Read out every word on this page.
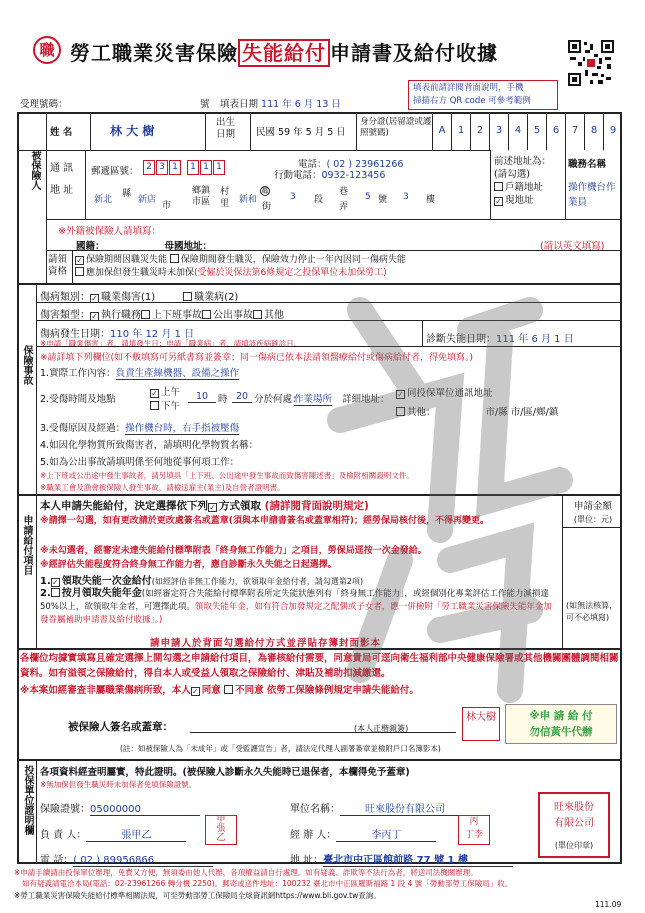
職 勞工職業災害保險 失能給付 申請書及給付收據
填表前請詳閱背面說明，手機
掃描右方 QR code 可參考範例
受理號碼：	號 填表日期 111 年 6 月 13 日
被保險人
姓 名	林 大 樹
出生日期	民國 59 年 5 月 5 日
身分證(居留證或護照號碼)	A	1	2	3	4	5	6	7	8	9
通 訊 地 址
郵遞區號： 2 3 1	1 1 1
新北
縣
新店
市
鄉鎮市區	新和
村里
鄰
街
3 段
巷 5
弄
號 3 樓
電話：( 02 ) 23961266
行動電話：0932-123456
前述地址為：
(請勾選)
戶籍地址
✓ 現地址
職務名稱
操作機台作業員
※外籍被保險人請填寫：
國籍：	母國地址：	(請以英文填寫)
請領資格
✓ 保險期間因職災失能 保險期間發生職災，保險效力停止一年內因同一傷病失能
應加保但發生職災時未加保(受僱於災保法第6條規定之投保單位未加保勞工)
保險事故
傷病類別：✓ 職業傷害(1)	職業病(2)
傷害類型：✓ 執行職務 上下班事故 公出事故 其他
傷病發生日期：110 年 12 月 1 日	診斷失能日期：111 年 6 月 1 日
※申請「職業傷害」者，請填發生日；申請「職業病」者，請填該疾病確診日。
※請詳填下列欄位(如不敷填寫可另紙書寫並簽章；同一傷病已依本法請領醫療給付或傷病給付者，得免填寫。)
1.實際工作內容：負責生產線機器、設備之操作
2.受傷時間及地點
✓ 上午
下午
10	時 20 分於何處：
作業場所 詳細地址： ✓ 同投保單位通訊地址
其他：	市/縣 市/區/鄉/鎮
3.受傷原因及經過：操作機台時，右手指被壓傷
4.如因化學物質所致傷害者，請填明化學物質名稱：
5.如為公出事故請填明係至何地從事何項工作：
※上下班或公出途中發生事故者，請另填具「上下班、公出途中發生事故而致傷害陳述書」及檢附相關證明文件。
※職業工會及漁會被保險人發生事故，請檢送雇主(業主)及自營者證明書。
申請給付項目
本人申請失能給付，決定選擇依下列✓ 方式領取 (請詳閱背面說明規定)	申請金額
(單位：元)
※請擇一勾選，如有更改請於更改處簽名或蓋章(須與本申請書簽名或蓋章相符)；經勞保局核付後，不得再變更。
※未勾選者，經審定未達失能給付標準附表「終身無工作能力」之項目，勞保局逕按一次金發給。
※經評估失能程度符合終身無工作能力者，應自診斷永久失能之日起選擇。
1.✓ 領取失能一次金給付(如經評估非無工作能力，欲領取年金給付者，請勾選第2項)
2. 按月領取失能年金(如經審定符合失能給付標準附表所定失能狀態列有「終身無工作能力」，或經個別化專業評估工作能力減損達 50%以上，欲領取年金者，可選擇此項。領取失能年金，如有符合加發規定之配偶或子女者，應一併檢附「勞工職業災害保險失能年金加發眷屬補助申請書及給付收據」。)
(如無法核算，可不必填寫)
請申請人於背面勾選給付方式並浮貼存簿封面影本
各欄位均據實填寫且確定選擇上開勾選之申請給付項目，為審核給付需要，同意貴局可逕向衛生福利部中央健康保險署或其他機關團體調閱相關資料。如有溢領之保險給付，得自本人或受益人領取之保險給付、津貼及補助扣減繳還。
※本案如經審查非屬職業傷病所致，本人✓ 同意 不同意 依勞工保險條例規定申請失能給付。
被保險人簽名或蓋章：	(本人正楷親簽)
林大樹
(註：如被保險人為「未成年」或「受監護宣告」者，請法定代理人副署簽章並檢附戶口名簿影本)
※申 請 給 付
勿信黃牛代辦
投保單位證明欄 各項資料經查明屬實，特此證明。(被保險人診斷永久失能時已退保者，本欄得免予蓋章)
※無加保但發生職災時未加保者免填保險證號。
保險證號：05000000	單位名稱：	旺來股份有限公司
負 責 人：	張甲乙
甲
張
乙	經 辦 人：	李丙丁
丙
丁李
電 話：( 02 ) 89956866	地 址：臺北市中正區館前路 77 號 1 樓
旺來股份
有限公司
(單位印章)
※申請手續請由投保單位辦理，免費又方便，無須委由他人代辦，各項權益請自行處理。如有疑義、詐欺等不法行為者，將送司法機關辦理。
如有疑義請電洽本局(電話：02-23961266 轉分機 2250)。郵寄或送件地址：100232 臺北市中正區羅斯福路 1 段 4 號「勞動部勞工保險局」收。
※勞工職業災害保險失能給付標準相關法規，可至勞動部勞工保險局全球資訊網https://www.bli.gov.tw查詢。
111.09
